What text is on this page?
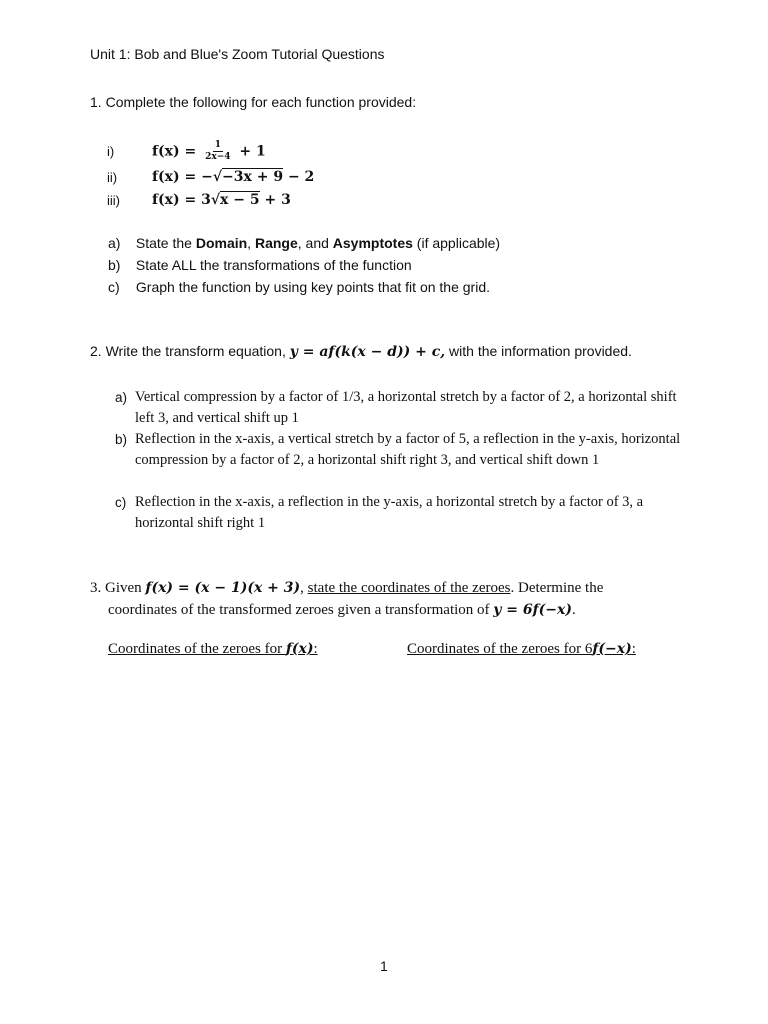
Unit 1: Bob and Blue's Zoom Tutorial Questions
1. Complete the following for each function provided:
i)	$f(x) = \frac{1}{2x-4} + 1$
ii)	f(x) = −√−3x + 9 − 2
iii)	f(x) = 3√x − 5 + 3
a) State the Domain, Range, and Asymptotes (if applicable)
b) State ALL the transformations of the function
c) Graph the function by using key points that fit on the grid.
2. Write the transform equation, y = af(k(x − d)) + c, with the information provided.
a) Vertical compression by a factor of 1/3, a horizontal stretch by a factor of 2, a horizontal shift left 3, and vertical shift up 1
b) Reflection in the x-axis, a vertical stretch by a factor of 5, a reflection in the y-axis, horizontal compression by a factor of 2, a horizontal shift right 3, and vertical shift down 1
c) Reflection in the x-axis, a reflection in the y-axis, a horizontal stretch by a factor of 3, a horizontal shift right 1
3. Given f(x) = (x − 1)(x + 3), state the coordinates of the zeroes. Determine the
coordinates of the transformed zeroes given a transformation of y = 6f(−x).
Coordinates of the zeroes for f(x):	Coordinates of the zeroes for 6f(−x):
1
